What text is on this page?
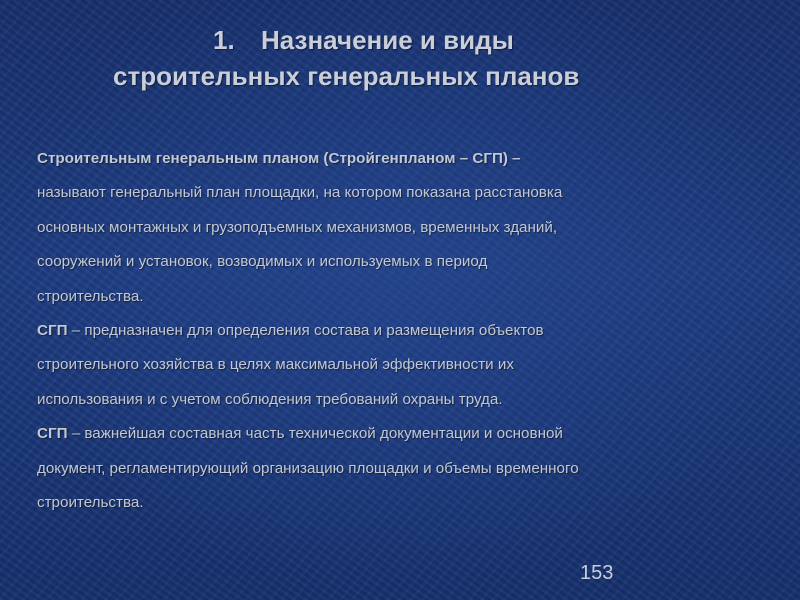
1. Назначение и виды
строительных генеральных планов
Строительным генеральным планом (Стройгенпланом – СГП) –
называют генеральный план площадки, на котором показана расстановка
основных монтажных и грузоподъемных механизмов, временных зданий,
сооружений и установок, возводимых и используемых в период
строительства.
СГП – предназначен для определения состава и размещения объектов
строительного хозяйства в целях максимальной эффективности их
использования и с учетом соблюдения требований охраны труда.
СГП – важнейшая составная часть технической документации и основной
документ, регламентирующий организацию площадки и объемы временного
строительства.
153
